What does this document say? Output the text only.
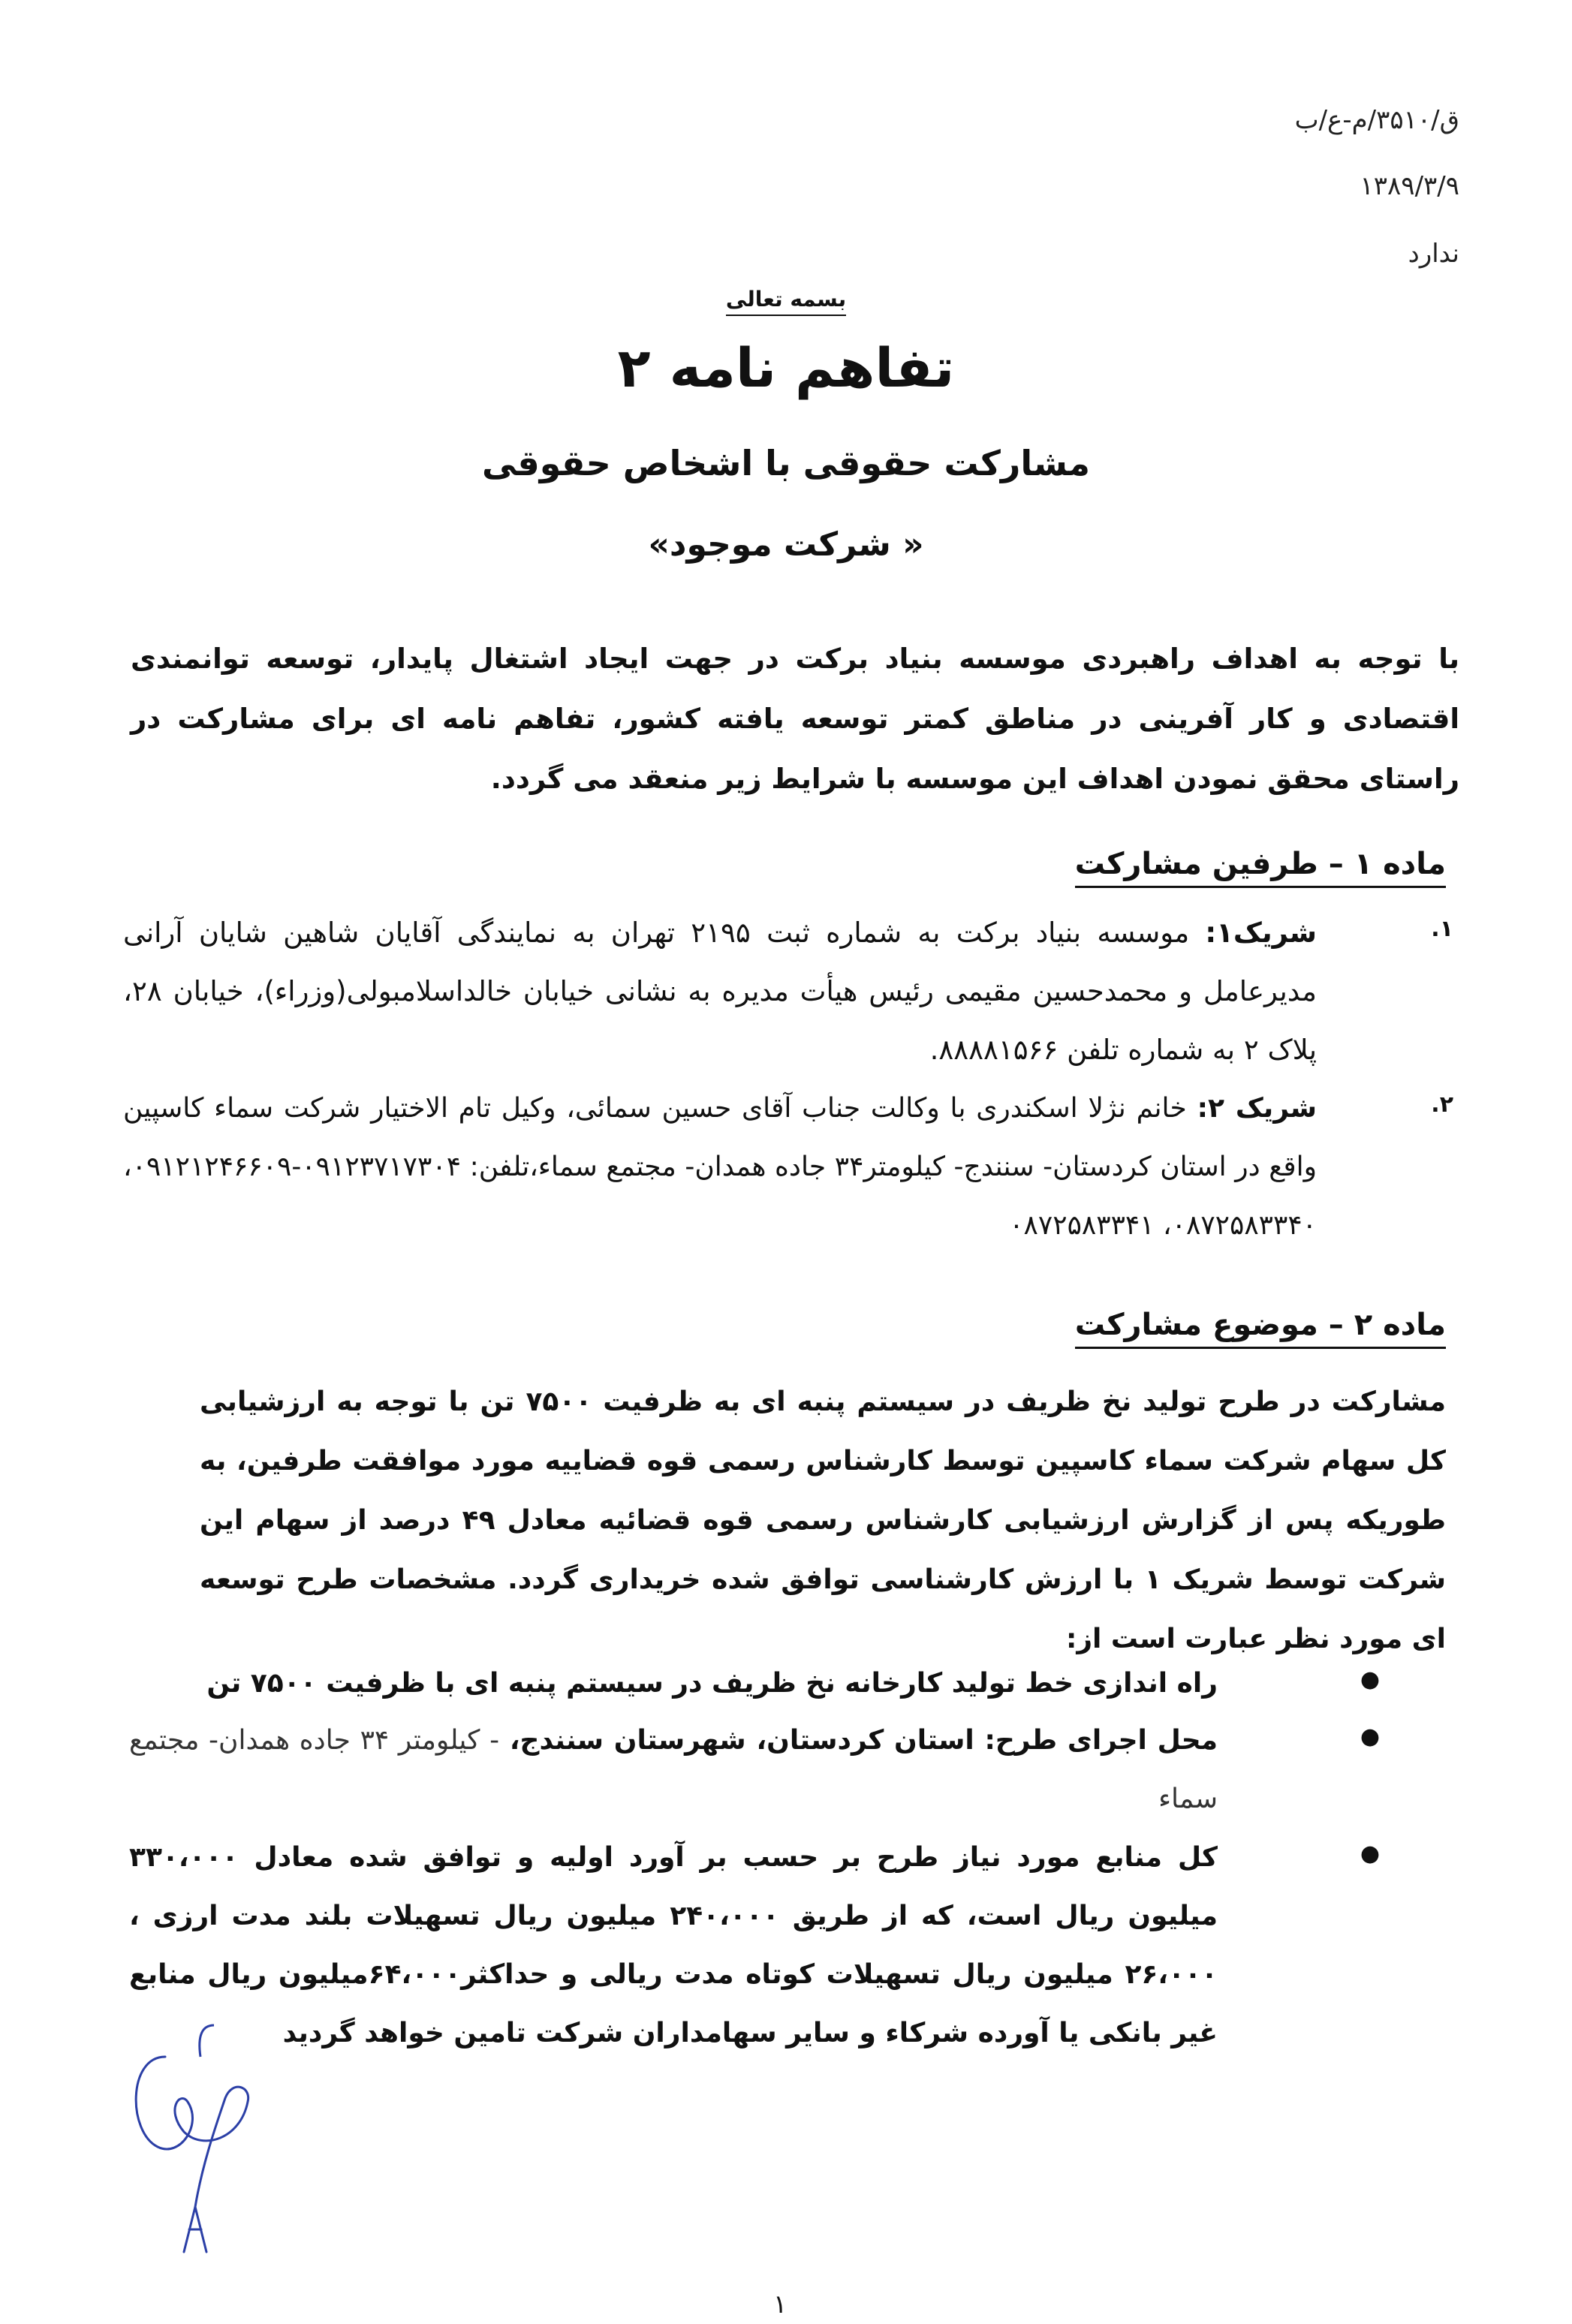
ق/۳۵۱۰/م-ع/ب
۱۳۸۹/۳/۹
ندارد
بسمه تعالی
تفاهم نامه ۲
مشارکت حقوقی با اشخاص حقوقی
« شرکت موجود»
با توجه به اهداف راهبردی موسسه بنیاد برکت در جهت ایجاد اشتغال پایدار، توسعه توانمندی اقتصادی و کار آفرینی در مناطق کمتر توسعه یافته کشور، تفاهم نامه ای برای مشارکت در راستای محقق نمودن اهداف این موسسه با شرایط زیر منعقد می گردد.
ماده ۱ – طرفین مشارکت
۱.
شریک۱: موسسه بنیاد برکت به شماره ثبت ۲۱۹۵ تهران به نمایندگی آقایان شاهین شایان آرانی مدیرعامل و محمدحسین مقیمی رئیس هیأت مدیره به نشانی خیابان خالداسلامبولی(وزراء)، خیابان ۲۸، پلاک ۲ به شماره تلفن ۸۸۸۸۱۵۶۶.
۲.
شریک ۲: خانم نژلا اسکندری با وکالت جناب آقای حسین سمائی، وکیل تام الاختیار شرکت سماء کاسپین واقع در استان کردستان- سنندج- کیلومتر۳۴ جاده همدان- مجتمع سماء،تلفن: ۰۹۱۲۳۷۱۷۳۰۴-۰۹۱۲۱۲۴۶۶۰۹، ۰۸۷۲۵۸۳۳۴۰، ۰۸۷۲۵۸۳۳۴۱
ماده ۲ – موضوع مشارکت
مشارکت در طرح تولید نخ ظریف در سیستم پنبه ای به ظرفیت ۷۵۰۰ تن با توجه به ارزشیابی کل سهام شرکت سماء کاسپین توسط کارشناس رسمی قوه قضاییه مورد موافقت طرفین، به طوریکه پس از گزارش ارزشیابی کارشناس رسمی قوه قضائیه معادل ۴۹ درصد از سهام این شرکت توسط شریک ۱ با ارزش کارشناسی توافق شده خریداری گردد. مشخصات طرح توسعه ای مورد نظر عبارت است از:
●
راه اندازی خط تولید کارخانه نخ ظریف در سیستم پنبه ای با ظرفیت ۷۵۰۰ تن
●
محل اجرای طرح: استان کردستان، شهرستان سنندج، - کیلومتر ۳۴ جاده همدان- مجتمع سماء
●
کل منابع مورد نیاز طرح بر حسب بر آورد اولیه و توافق شده معادل ۳۳۰،۰۰۰ میلیون ریال است، که از طریق ۲۴۰،۰۰۰ میلیون ریال تسهیلات بلند مدت ارزی ، ۲۶،۰۰۰ میلیون ریال تسهیلات کوتاه مدت ریالی و حداکثر۶۴،۰۰۰میلیون ریال منابع غیر بانکی یا آورده شرکاء و سایر سهامداران شرکت تامین خواهد گردید
۱
